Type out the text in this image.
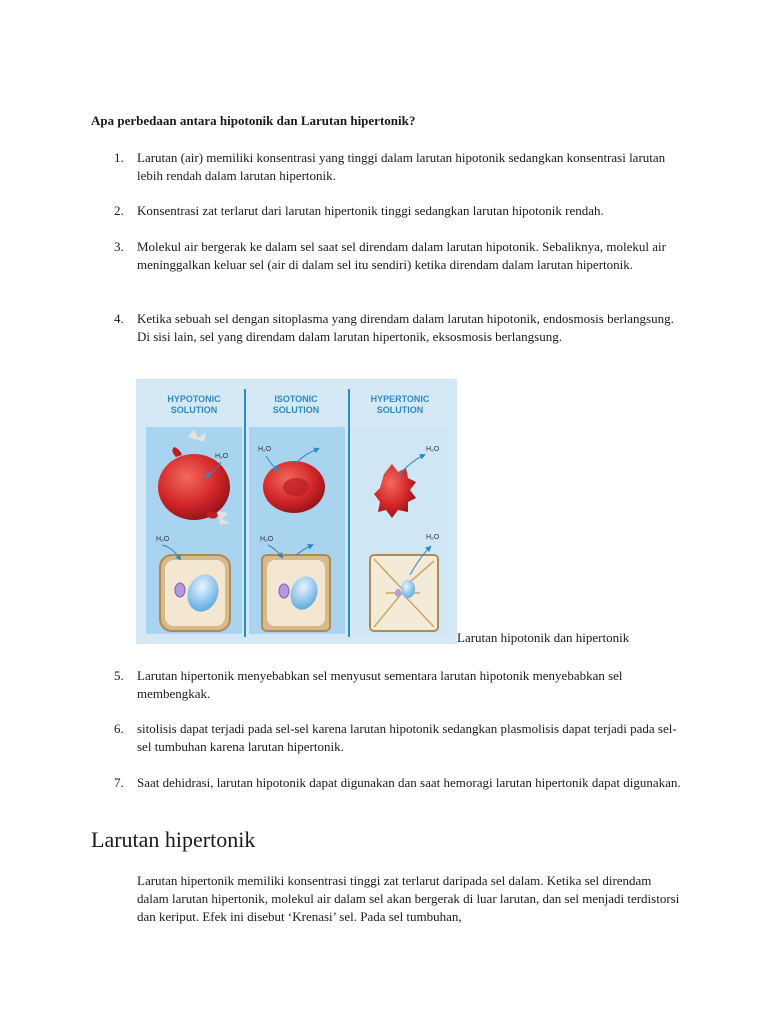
Apa perbedaan antara hipotonik dan Larutan hipertonik?
1.	Larutan (air) memiliki konsentrasi yang tinggi dalam larutan hipotonik sedangkan konsentrasi larutan lebih rendah dalam larutan hipertonik.
2.	Konsentrasi zat terlarut dari larutan hipertonik tinggi sedangkan larutan hipotonik rendah.
3.	Molekul air bergerak ke dalam sel saat sel direndam dalam larutan hipotonik. Sebaliknya, molekul air meninggalkan keluar sel (air di dalam sel itu sendiri) ketika direndam dalam larutan hipertonik.
4.	Ketika sebuah sel dengan sitoplasma yang direndam dalam larutan hipotonik, endosmosis berlangsung. Di sisi lain, sel yang direndam dalam larutan hipertonik, eksosmosis berlangsung.
HYPOTONIC
SOLUTION
ISOTONIC
SOLUTION
HYPERTONIC
SOLUTION
H₂O
H₂O
H₂O
H₂O
H₂O
H₂O
Larutan hipotonik dan hipertonik
5.	Larutan hipertonik menyebabkan sel menyusut sementara larutan hipotonik menyebabkan sel membengkak.
6.	sitolisis dapat terjadi pada sel-sel karena larutan hipotonik sedangkan plasmolisis dapat terjadi pada sel-sel tumbuhan karena larutan hipertonik.
7.	Saat dehidrasi, larutan hipotonik dapat digunakan dan saat hemoragi larutan hipertonik dapat digunakan.
Larutan hipertonik
Larutan hipertonik memiliki konsentrasi tinggi zat terlarut daripada sel dalam. Ketika sel direndam dalam larutan hipertonik, molekul air dalam sel akan bergerak di luar larutan, dan sel menjadi terdistorsi dan keriput. Efek ini disebut ‘Krenasi’ sel. Pada sel tumbuhan,
